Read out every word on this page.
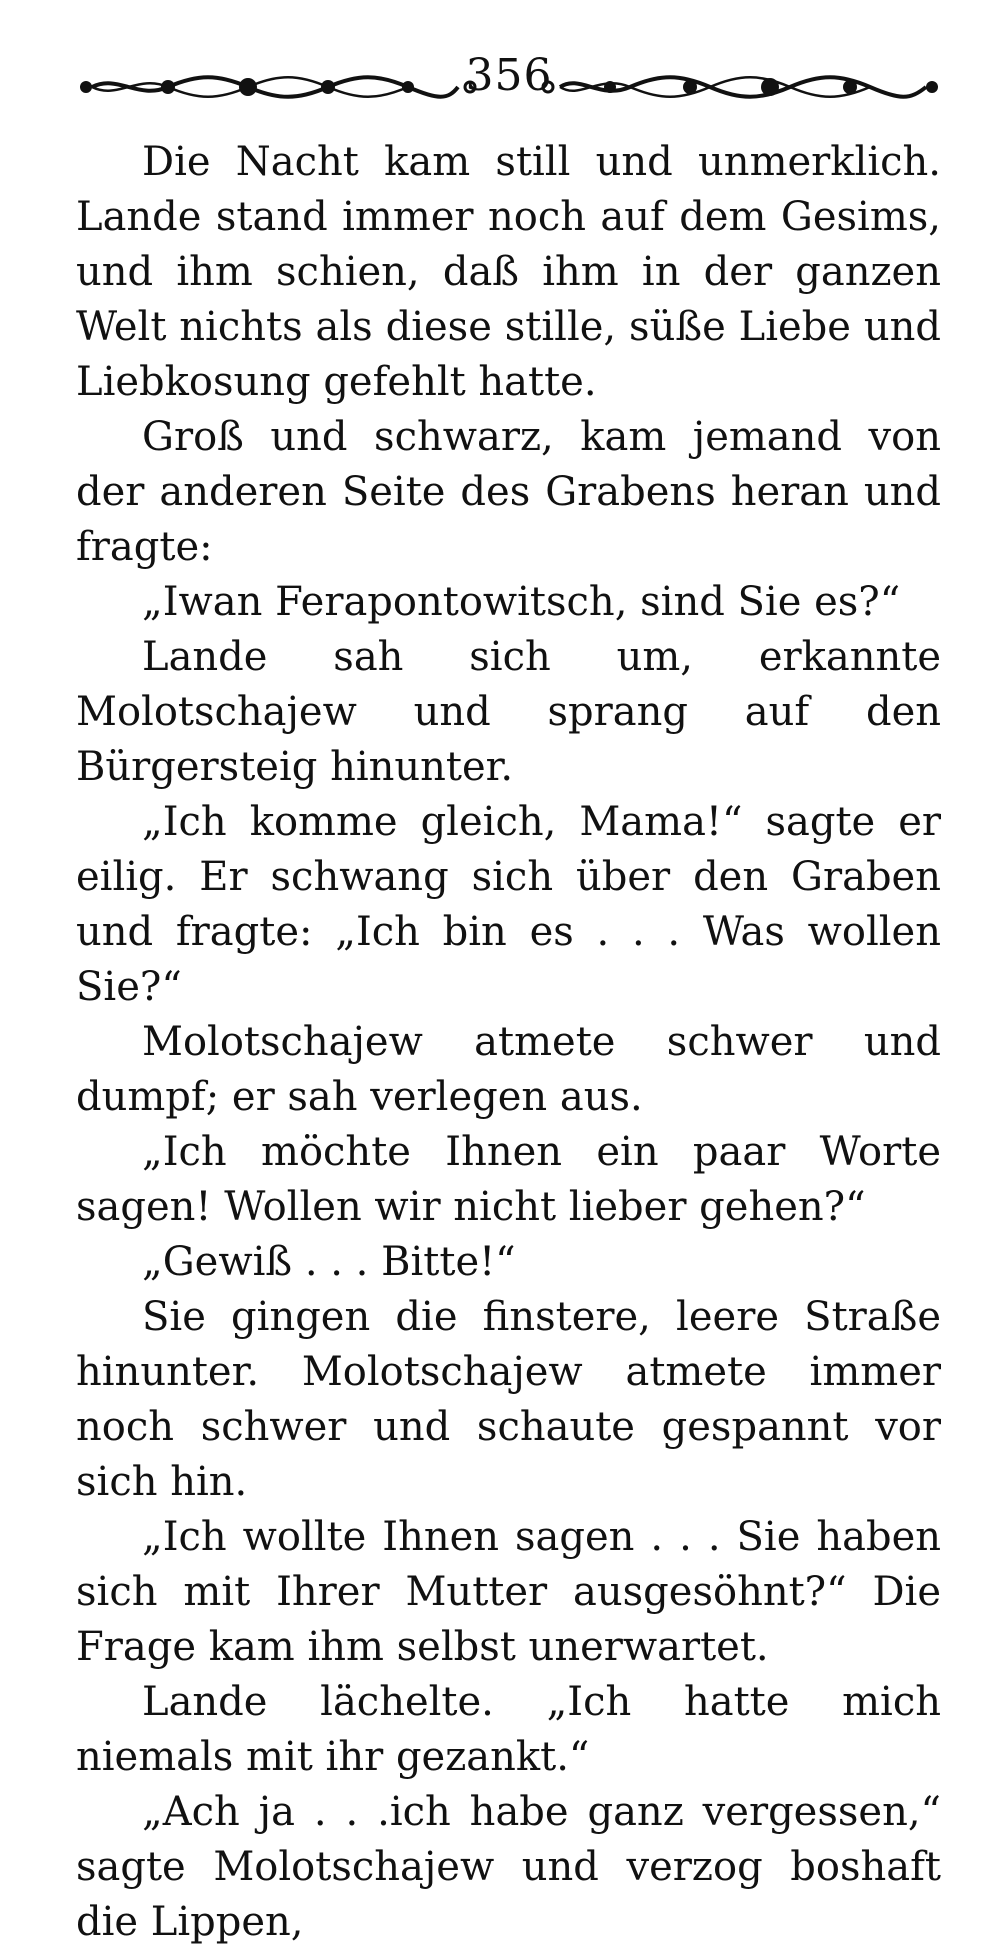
356

Die Nacht kam still und unmerklich. Lande stand immer noch auf dem Gesims, und ihm schien, daß ihm in der ganzen Welt nichts als diese stille, süße Liebe und Liebkosung gefehlt hatte.

Groß und schwarz, kam jemand von der anderen Seite des Grabens heran und fragte:

„Iwan Ferapontowitsch, sind Sie es?“

Lande sah sich um, erkannte Molotschajew und sprang auf den Bürgersteig hinunter.

„Ich komme gleich, Mama!“ sagte er eilig. Er schwang sich über den Graben und fragte: „Ich bin es . . . Was wollen Sie?“

Molotschajew atmete schwer und dumpf; er sah verlegen aus.

„Ich möchte Ihnen ein paar Worte sagen! Wollen wir nicht lieber gehen?“

„Gewiß . . . Bitte!“

Sie gingen die finstere, leere Straße hinunter. Molotschajew atmete immer noch schwer und schaute gespannt vor sich hin.

„Ich wollte Ihnen sagen . . . Sie haben sich mit Ihrer Mutter ausgesöhnt?“ Die Frage kam ihm selbst unerwartet.

Lande lächelte. „Ich hatte mich niemals mit ihr gezankt.“

„Ach ja . . .ich habe ganz vergessen,“ sagte Molotschajew und verzog boshaft die Lippen,
